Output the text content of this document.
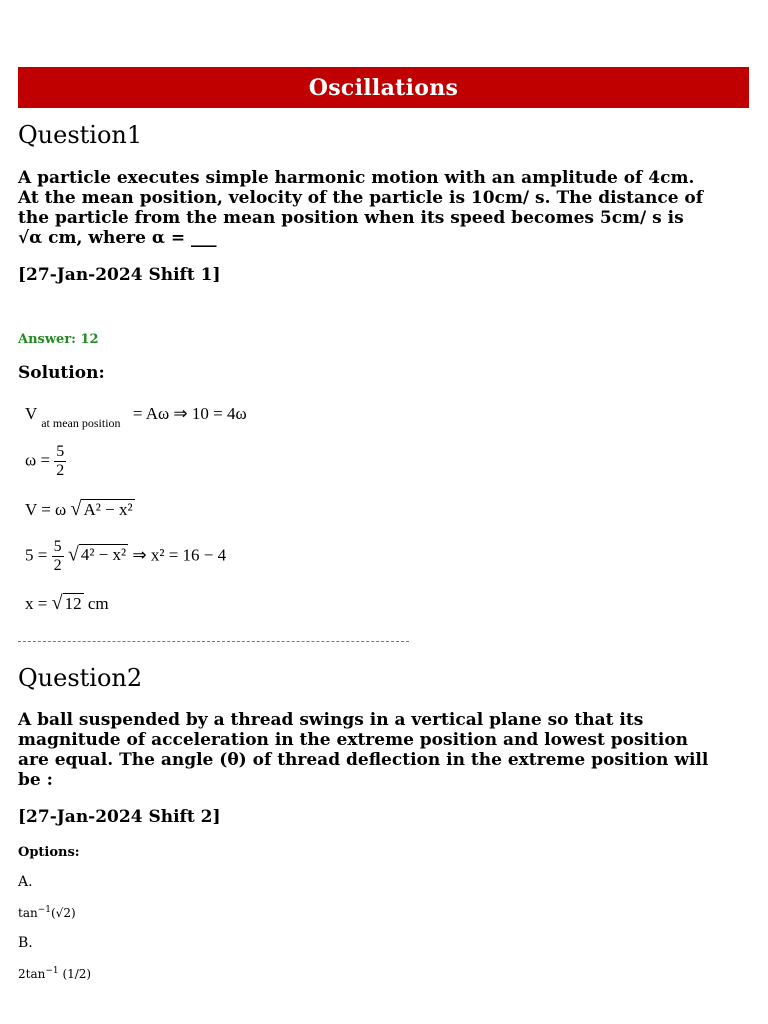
Oscillations
Question1
A particle executes simple harmonic motion with an amplitude of 4cm.
At the mean position, velocity of the particle is 10cm/ s. The distance of
the particle from the mean position when its speed becomes 5cm/ s is
√α cm, where α = ___
[27-Jan-2024 Shift 1]
Answer: 12
Solution:
V $_{at mean position}$ = Aω ⇒ 10 = 4ω
$\omega = \frac{5}{2}$
V = ω √ A² − x²
$5 = \frac{5}{2}$ √ 4² − x² ⇒ x² = 16 − 4
x = √ 12 cm
Question2
A ball suspended by a thread swings in a vertical plane so that its
magnitude of acceleration in the extreme position and lowest position
are equal. The angle (θ) of thread deflection in the extreme position will
be :
[27-Jan-2024 Shift 2]
Options:
A.
$\tan^{-1}(√2)$
B.
$2\tan^{-1}$ (1/2)
